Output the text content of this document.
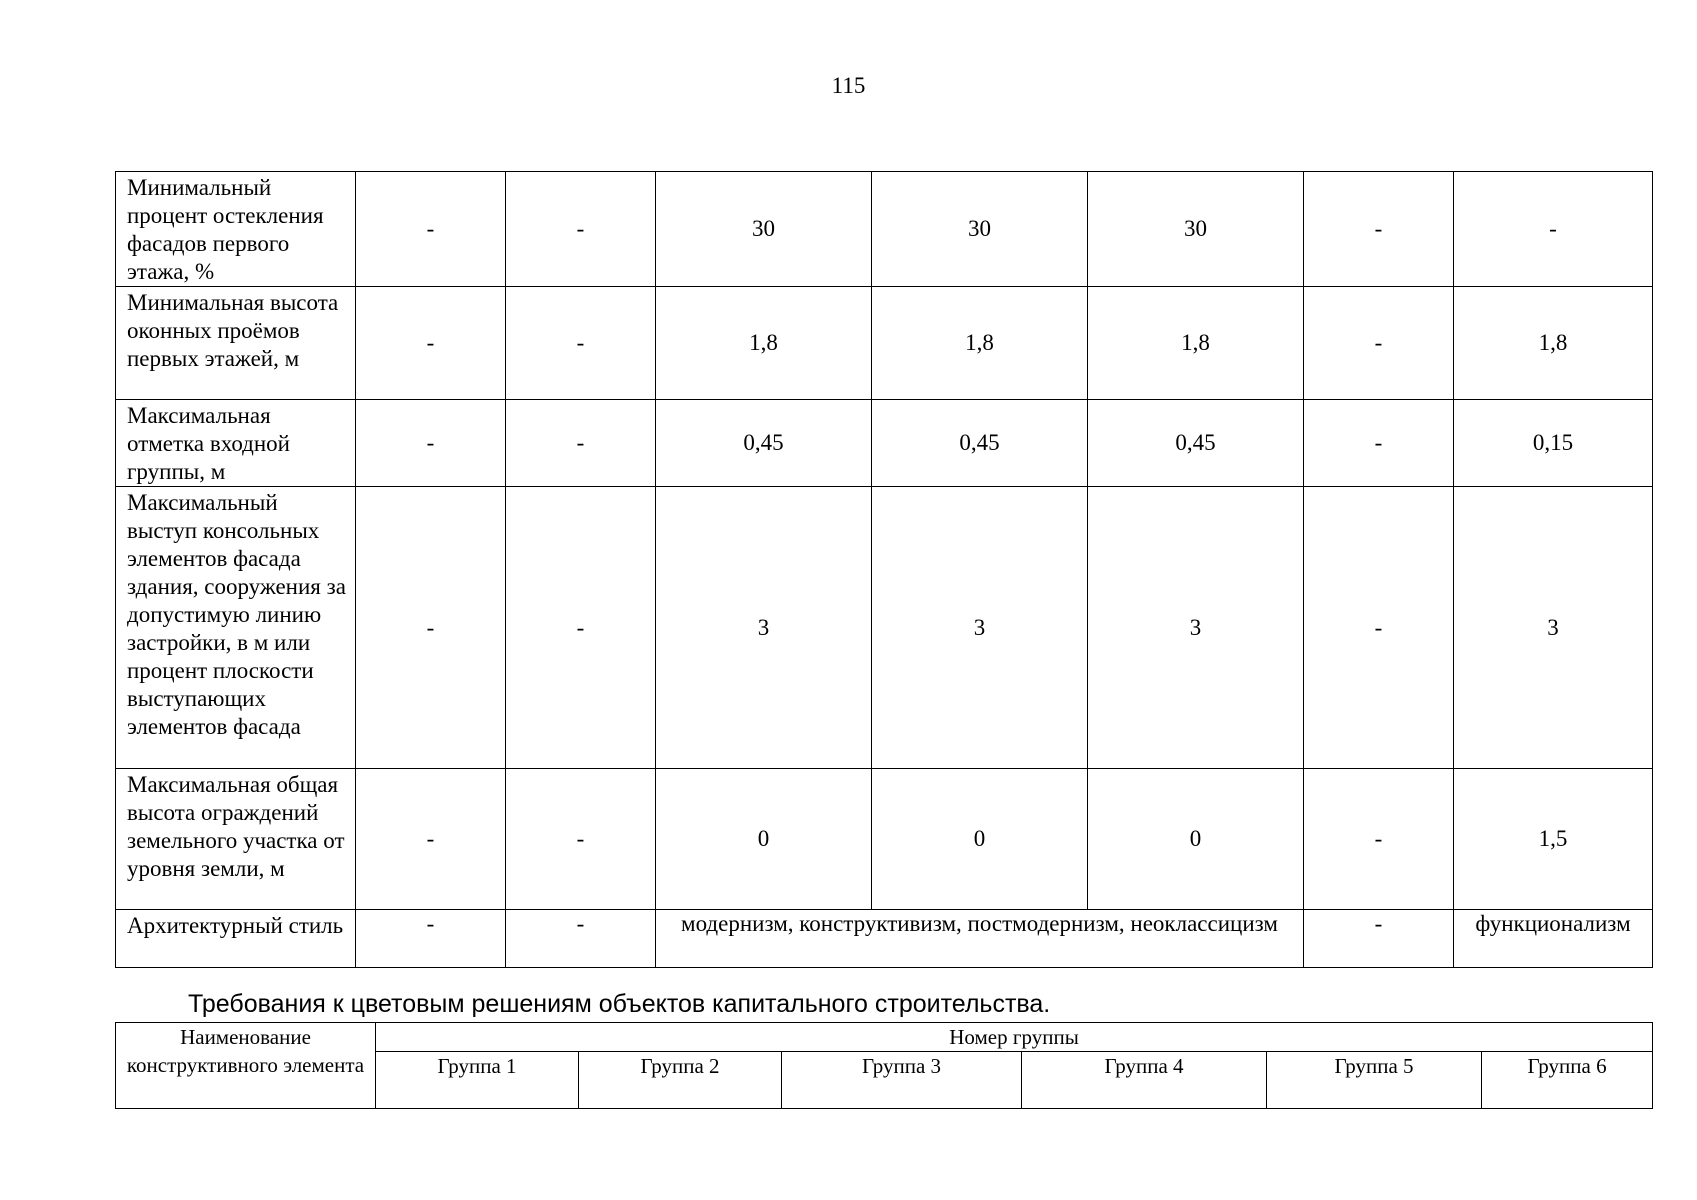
115
Минимальный процент остекления фасадов первого этажа, %	-	-	30	30	30	-	-
Минимальная высота оконных проёмов первых этажей, м	-	-	1,8	1,8	1,8	-	1,8
Максимальная отметка входной группы, м	-	-	0,45	0,45	0,45	-	0,15
Максимальный выступ консольных элементов фасада здания, сооружения за допустимую линию застройки, в м или процент плоскости выступающих элементов фасада	-	-	3	3	3	-	3
Максимальная общая высота ограждений земельного участка от уровня земли, м	-	-	0	0	0	-	1,5
Архитектурный стиль	-	-	модернизм, конструктивизм, постмодернизм, неоклассицизм			-	функционализм
Требования к цветовым решениям объектов капитального строительства.
Наименование конструктивного элемента	Номер группы					
	Группа 1	Группа 2	Группа 3	Группа 4	Группа 5	Группа 6
